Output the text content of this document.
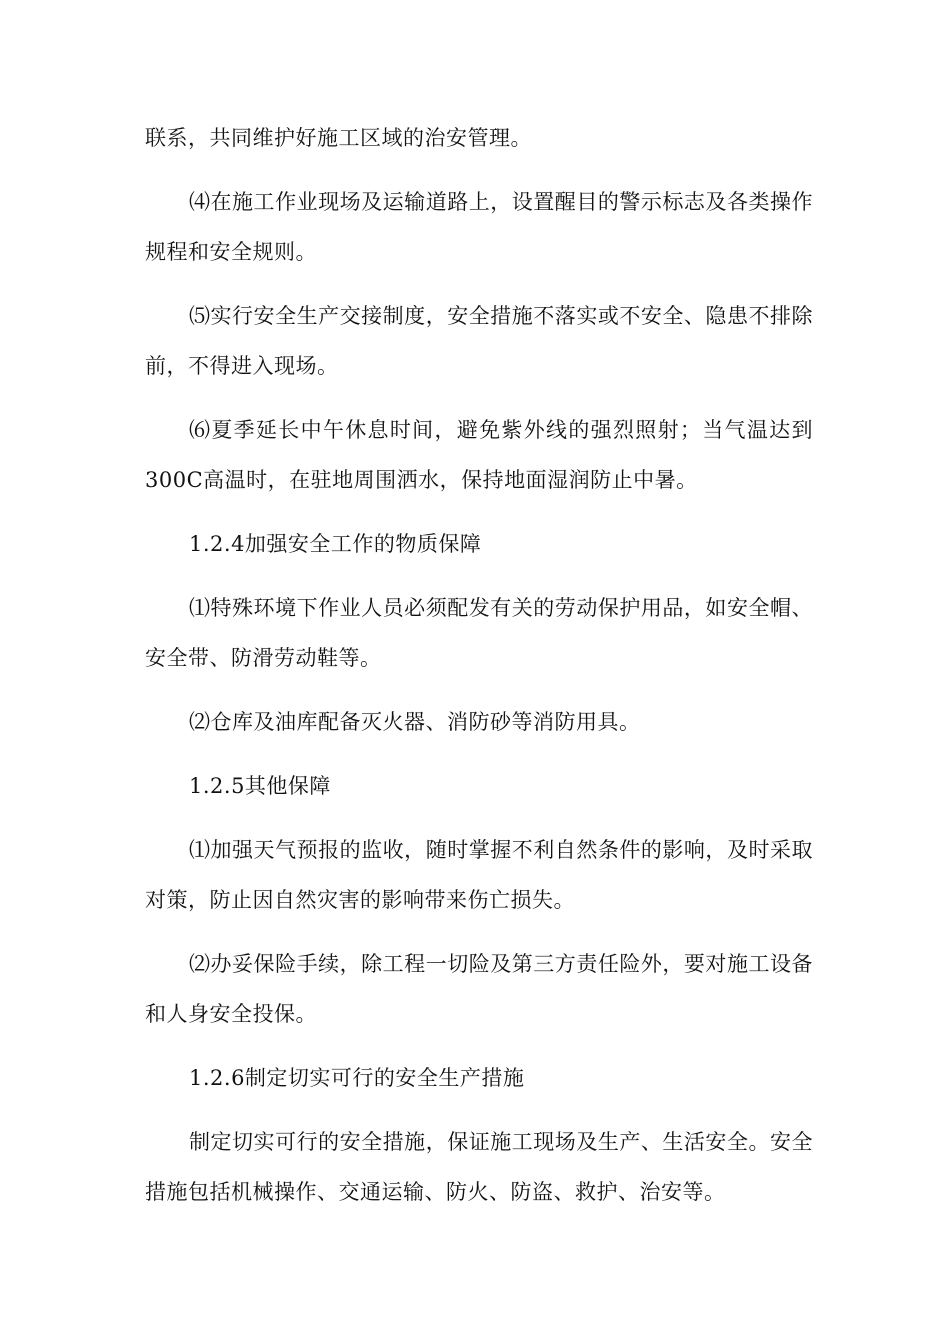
联系，共同维护好施工区域的治安管理。

⑷在施工作业现场及运输道路上，设置醒目的警示标志及各类操作规程和安全规则。

⑸实行安全生产交接制度，安全措施不落实或不安全、隐患不排除前，不得进入现场。

⑹夏季延长中午休息时间，避免紫外线的强烈照射；当气温达到300C高温时，在驻地周围洒水，保持地面湿润防止中暑。

1.2.4加强安全工作的物质保障

⑴特殊环境下作业人员必须配发有关的劳动保护用品，如安全帽、安全带、防滑劳动鞋等。

⑵仓库及油库配备灭火器、消防砂等消防用具。

1.2.5其他保障

⑴加强天气预报的监收，随时掌握不利自然条件的影响，及时采取对策，防止因自然灾害的影响带来伤亡损失。

⑵办妥保险手续，除工程一切险及第三方责任险外，要对施工设备和人身安全投保。

1.2.6制定切实可行的安全生产措施

制定切实可行的安全措施，保证施工现场及生产、生活安全。安全措施包括机械操作、交通运输、防火、防盗、救护、治安等。
